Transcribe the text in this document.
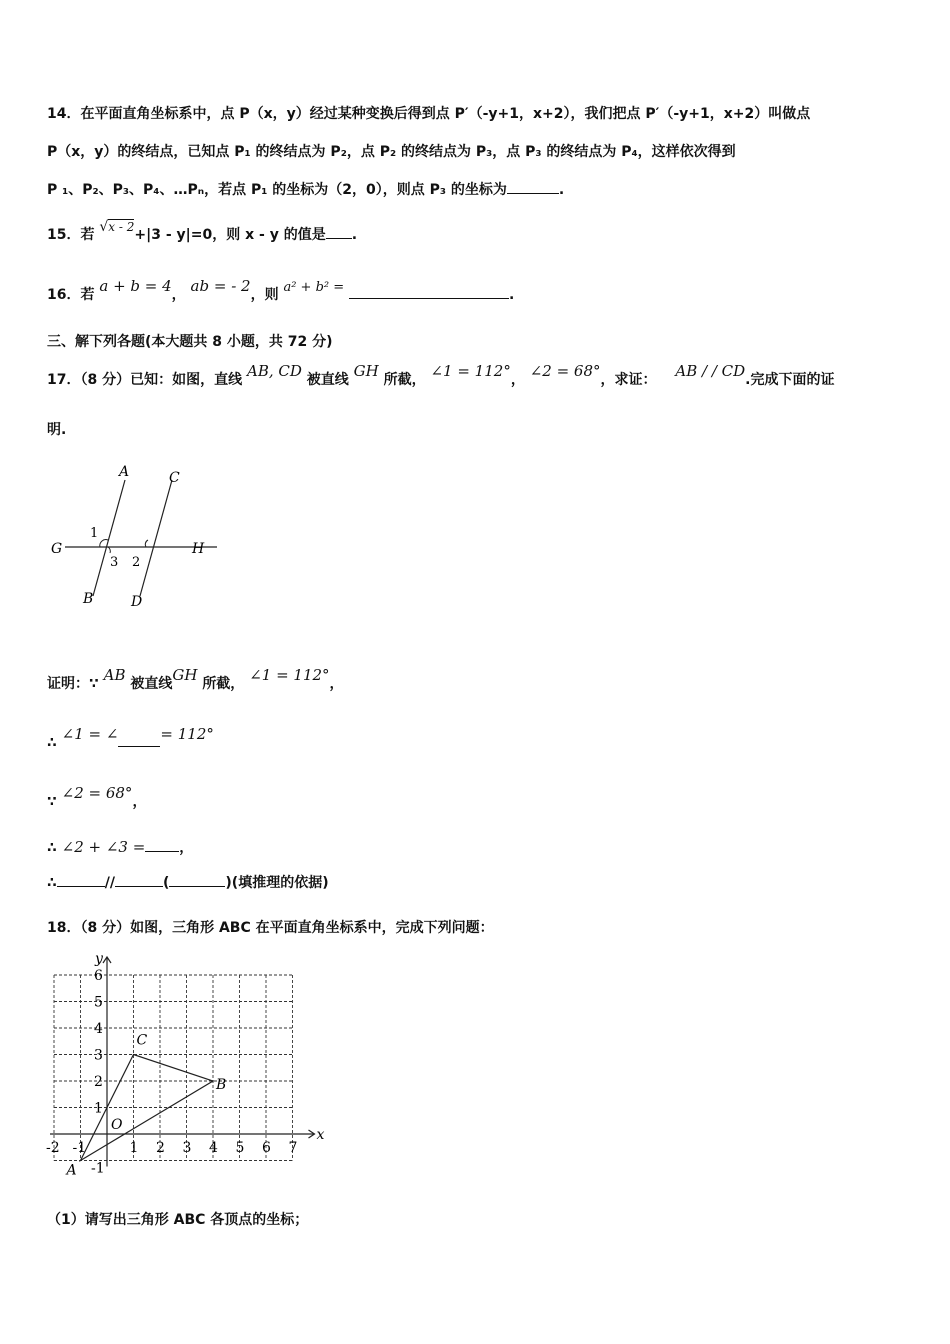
14．在平面直角坐标系中，点 P（x，y）经过某种变换后得到点 P′（-y+1，x+2），我们把点 P′（-y+1，x+2）叫做点
P（x，y）的终结点，已知点 P₁ 的终结点为 P₂，点 P₂ 的终结点为 P₃，点 P₃ 的终结点为 P₄，这样依次得到
P ₁、P₂、P₃、P₄、…Pₙ，若点 P₁ 的坐标为（2，0），则点 P₃ 的坐标为	.
15．若 √x - 2+|3 - y|=0，则 x - y 的值是 .
16．若 a + b = 4， ab = - 2，则 a² + b² =	.
三、解下列各题(本大题共 8 小题，共 72 分)
17．（8 分）已知：如图，直线 AB, CD 被直线 GH 所截， ∠1 = 112°， ∠2 = 68°，求证： AB / / CD.完成下面的证
明.
A	C
G
1
3 2
H
B	D
证明：∵ AB 被直线GH 所截， ∠1 = 112°，
∴ ∠1 = ∠	= 112°
∵ ∠2 = 68°，
∴ ∠2 + ∠3 = ，
∴	//	(	)(填推理的依据)
18．（8 分）如图，三角形 ABC 在平面直角坐标系中，完成下列问题：
x
y
-2 -1	1 2 3 4 5 6 7
6
5
4
3
2
1
-1
O
A
B
C
（1）请写出三角形 ABC 各顶点的坐标；
